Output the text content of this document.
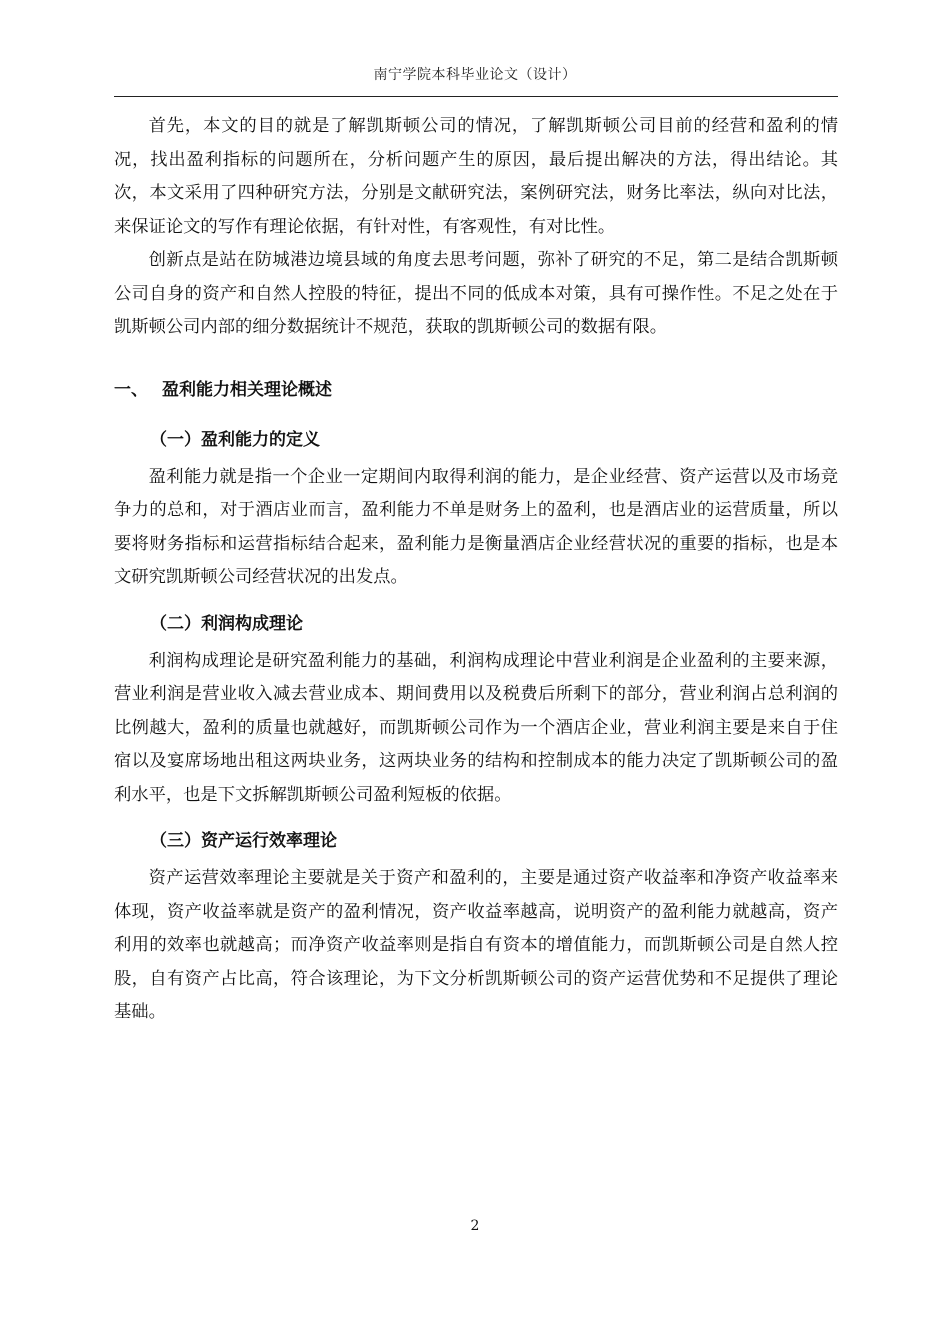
南宁学院本科毕业论文（设计）

首先，本文的目的就是了解凯斯顿公司的情况，了解凯斯顿公司目前的经营和盈利的情况，找出盈利指标的问题所在，分析问题产生的原因，最后提出解决的方法，得出结论。其次，本文采用了四种研究方法，分别是文献研究法，案例研究法，财务比率法，纵向对比法，来保证论文的写作有理论依据，有针对性，有客观性，有对比性。

创新点是站在防城港边境县域的角度去思考问题，弥补了研究的不足，第二是结合凯斯顿公司自身的资产和自然人控股的特征，提出不同的低成本对策，具有可操作性。不足之处在于凯斯顿公司内部的细分数据统计不规范，获取的凯斯顿公司的数据有限。

一、 盈利能力相关理论概述
（一）盈利能力的定义

盈利能力就是指一个企业一定期间内取得利润的能力，是企业经营、资产运营以及市场竞争力的总和，对于酒店业而言，盈利能力不单是财务上的盈利，也是酒店业的运营质量，所以要将财务指标和运营指标结合起来，盈利能力是衡量酒店企业经营状况的重要的指标，也是本文研究凯斯顿公司经营状况的出发点。

（二）利润构成理论

利润构成理论是研究盈利能力的基础，利润构成理论中营业利润是企业盈利的主要来源，营业利润是营业收入减去营业成本、期间费用以及税费后所剩下的部分，营业利润占总利润的比例越大，盈利的质量也就越好，而凯斯顿公司作为一个酒店企业，营业利润主要是来自于住宿以及宴席场地出租这两块业务，这两块业务的结构和控制成本的能力决定了凯斯顿公司的盈利水平，也是下文拆解凯斯顿公司盈利短板的依据。

（三）资产运行效率理论

资产运营效率理论主要就是关于资产和盈利的，主要是通过资产收益率和净资产收益率来体现，资产收益率就是资产的盈利情况，资产收益率越高，说明资产的盈利能力就越高，资产利用的效率也就越高；而净资产收益率则是指自有资本的增值能力，而凯斯顿公司是自然人控股，自有资产占比高，符合该理论，为下文分析凯斯顿公司的资产运营优势和不足提供了理论基础。

2
